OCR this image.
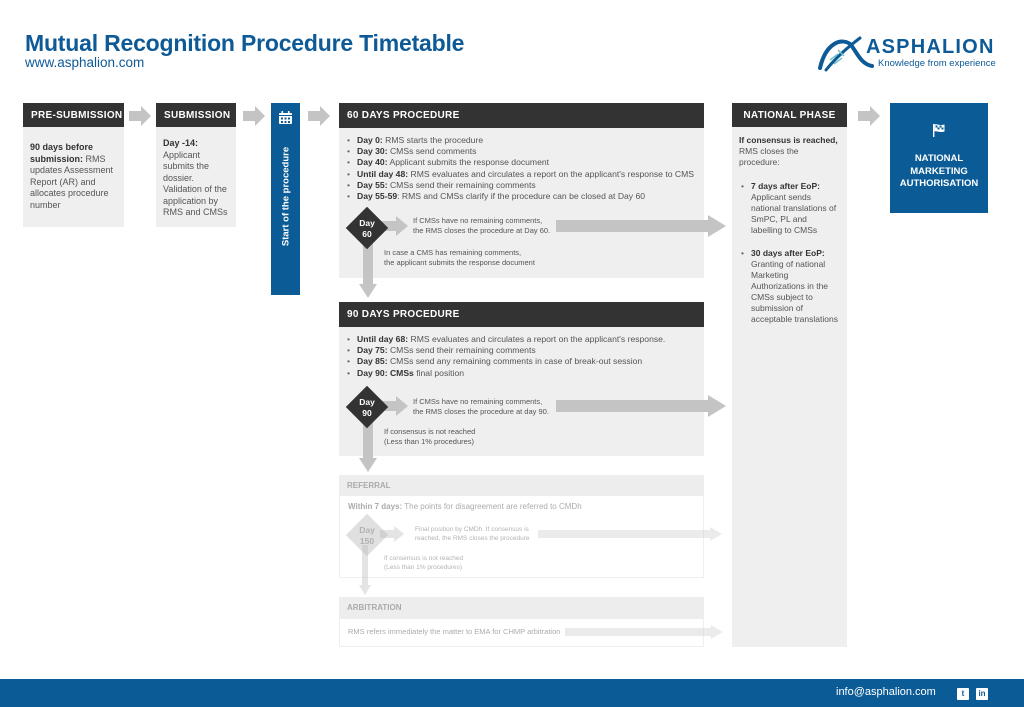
Mutual Recognition Procedure Timetable
www.asphalion.com
ASPHALION
Knowledge from experience
PRE-SUBMISSION
90 days before submission: RMS updates Assessment Report (AR) and allocates procedure number
SUBMISSION
Day -14: Applicant submits the dossier. Validation of the application by RMS and CMSs	Start of the procedure
60 DAYS PROCEDURE
• Day 0: RMS starts the procedure
• Day 30: CMSs send comments
• Day 40: Applicant submits the response document
• Until day 48: RMS evaluates and circulates a report on the applicant's response to CMS
• Day 55: CMSs send their remaining comments
• Day 55-59: RMS and CMSs clarify if the procedure can be closed at Day 60
Day
60
If CMSs have no remaining comments,
the RMS closes the procedure at Day 60.
In case a CMS has remaining comments,
the applicant submits the response document
90 DAYS PROCEDURE
• Until day 68: RMS evaluates and circulates a report on the applicant's response.
• Day 75: CMSs send their remaining comments
• Day 85: CMSs send any remaining comments in case of break-out session
• Day 90: CMSs final position
Day
90
If CMSs have no remaining comments,
the RMS closes the procedure at day 90.
If consensus is not reached
(Less than 1% procedures)
REFERRAL
Within 7 days: The points for disagreement are referred to CMDh
Day
150
Final position by CMDh. If consensus is
reached, the RMS closes the procedure
If consensus is not reached
(Less than 1% procedures)
ARBITRATION
RMS refers immediately the matter to EMA for CHMP arbitration
NATIONAL PHASE
If consensus is reached, RMS closes the procedure:
• 7 days after EoP:
Applicant sends national translations of SmPC, PL and labelling to CMSs
• 30 days after EoP:
Granting of national Marketing Authorizations in the CMSs subject to submission of acceptable translations
NATIONAL
MARKETING
AUTHORISATION
info@asphalion.com	t	in
